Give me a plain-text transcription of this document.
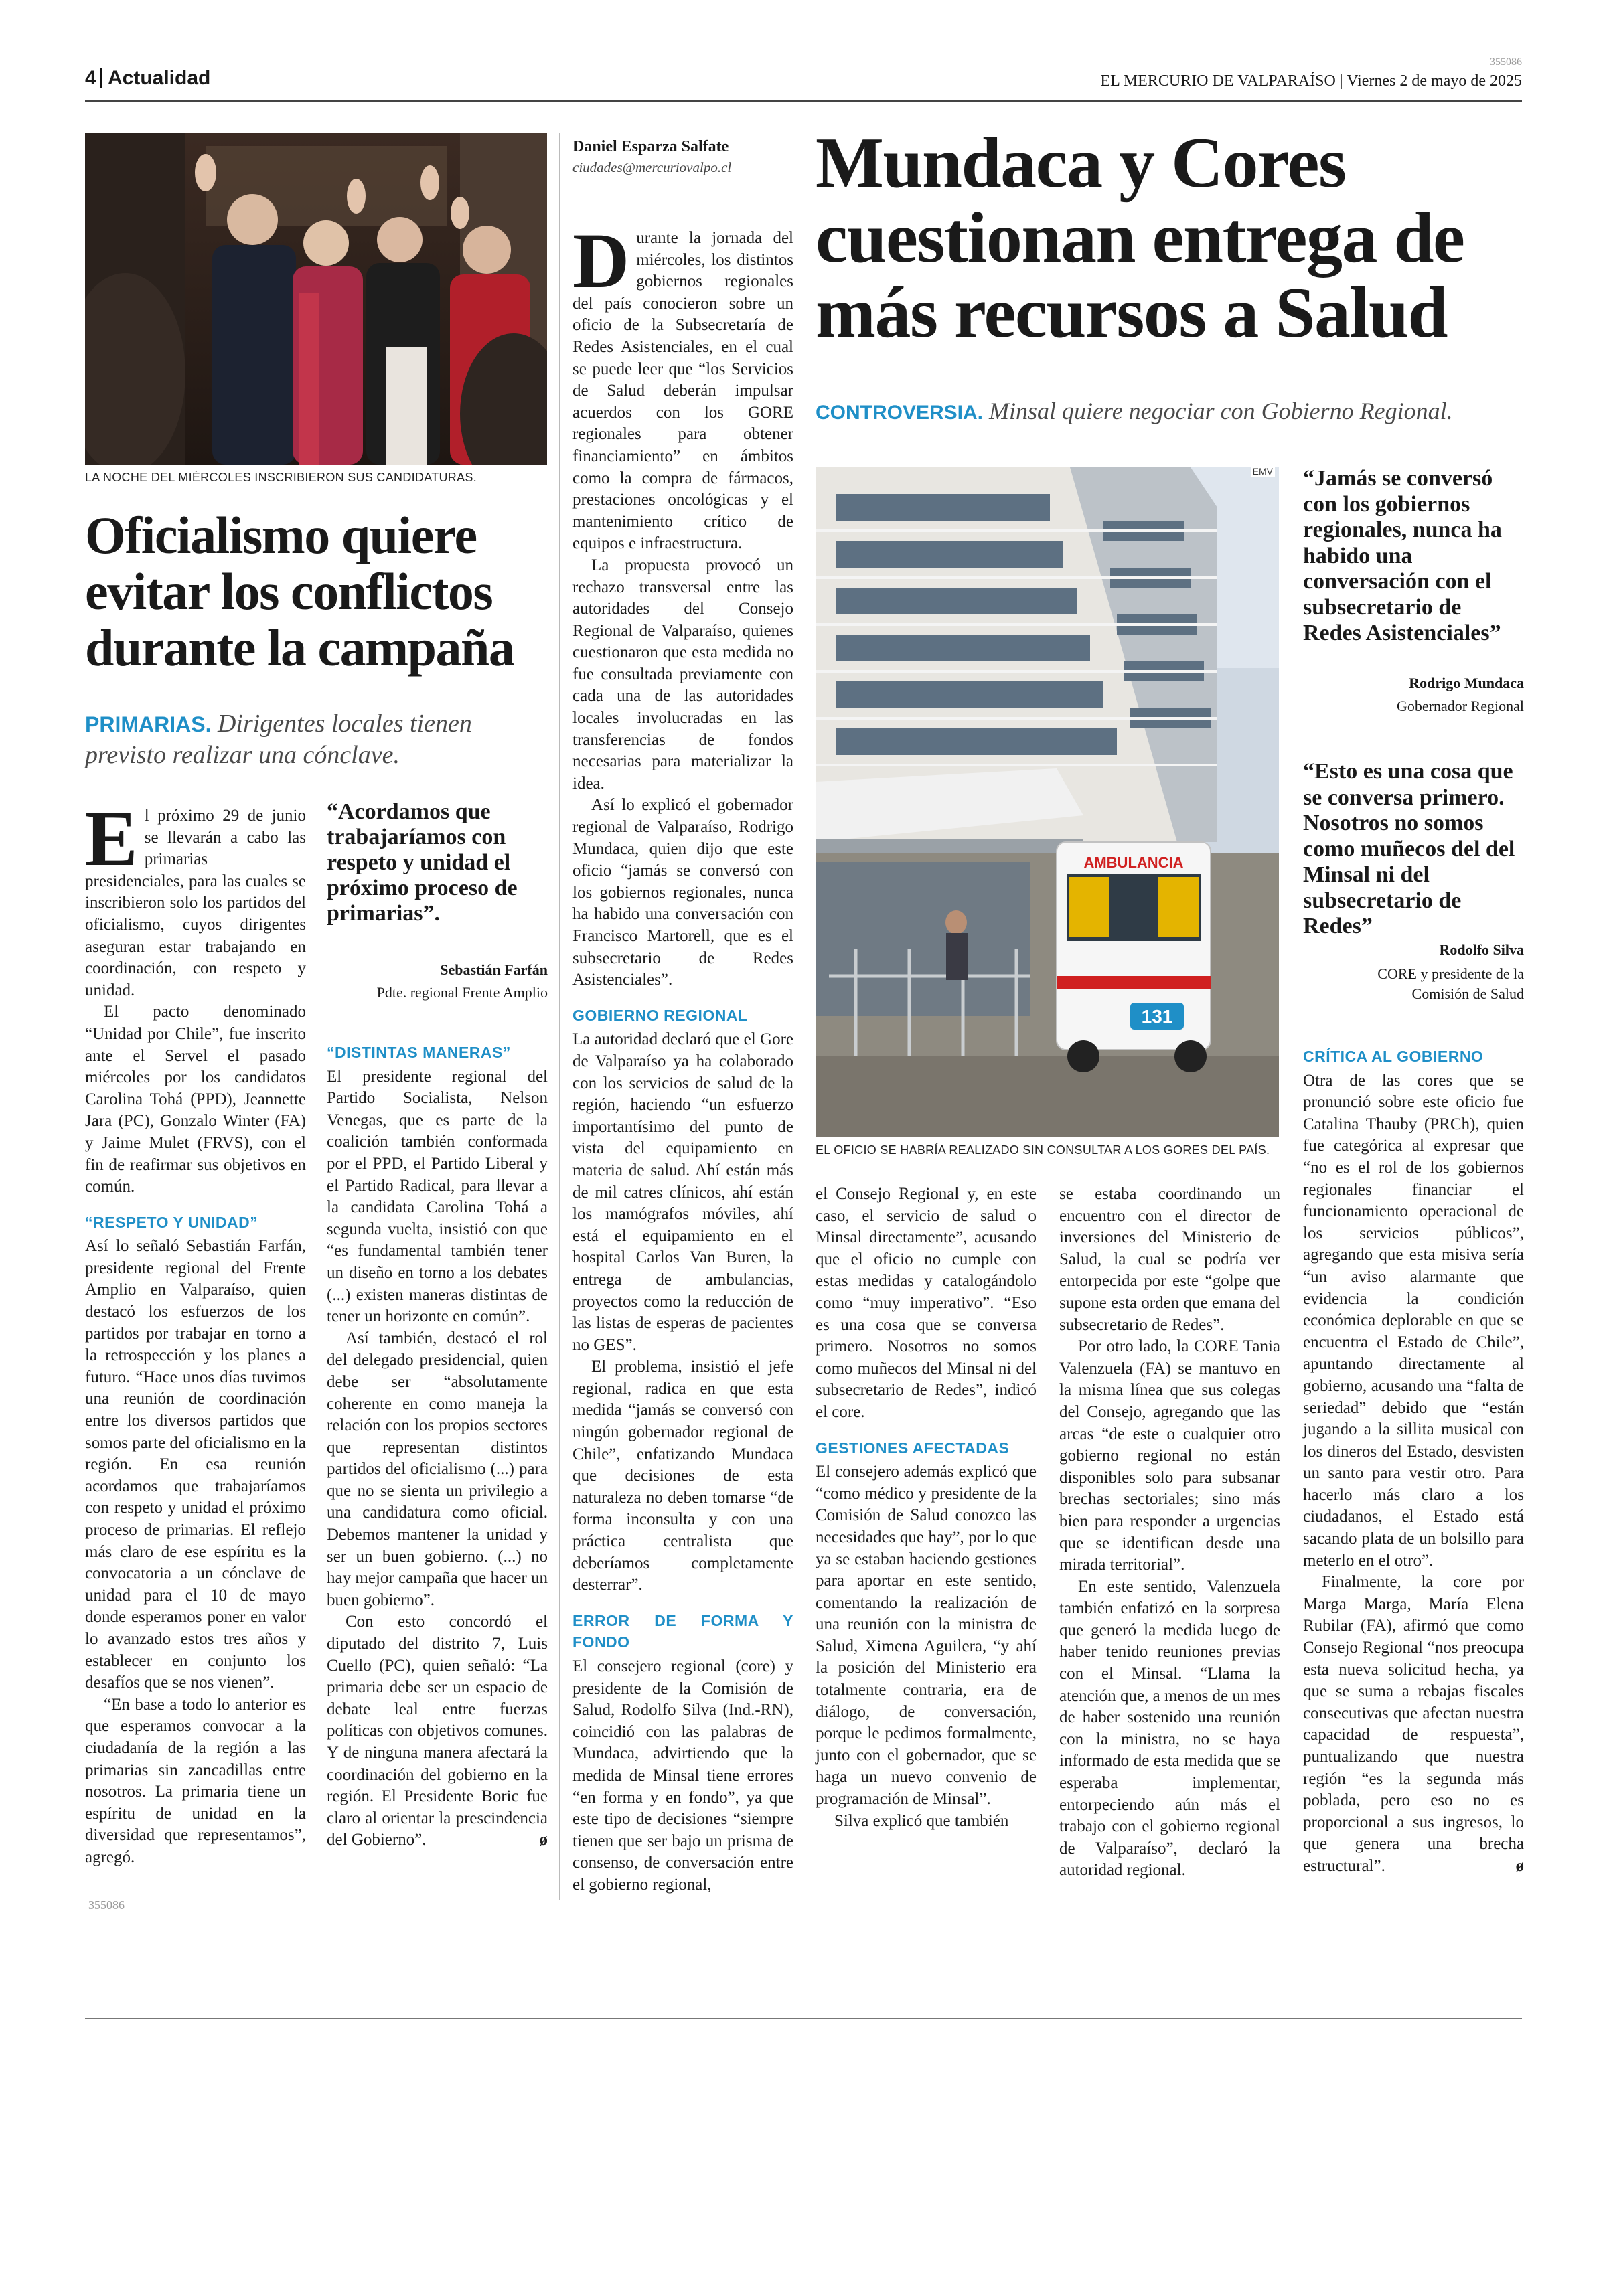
4 Actualidad
355086
EL MERCURIO DE VALPARAÍSO | Viernes 2 de mayo de 2025
LA NOCHE DEL MIÉRCOLES INSCRIBIERON SUS CANDIDATURAS.
Oficialismo quiere evitar los conflictos durante la campaña
PRIMARIAS. Dirigentes locales tienen previsto realizar una cónclave.

El próximo 29 de junio se llevarán a cabo las primarias presidenciales, para las cuales se inscribieron solo los partidos del oficialismo, cuyos dirigentes aseguran estar trabajando en coordinación, con respeto y unidad.

El pacto denominado “Unidad por Chile”, fue inscrito ante el Servel el pasado miércoles por los candidatos Carolina Tohá (PPD), Jeannette Jara (PC), Gonzalo Winter (FA) y Jaime Mulet (FRVS), con el fin de reafirmar sus objetivos en común.

“RESPETO Y UNIDAD”

Así lo señaló Sebastián Farfán, presidente regional del Frente Amplio en Valparaíso, quien destacó los esfuerzos de los partidos por trabajar en torno a la retrospección y los planes a futuro. “Hace unos días tuvimos una reunión de coordinación entre los diversos partidos que somos parte del oficialismo en la región. En esa reunión acordamos que trabajaríamos con respeto y unidad el próximo proceso de primarias. El reflejo más claro de ese espíritu es la convocatoria a un cónclave de unidad para el 10 de mayo donde esperamos poner en valor lo avanzado estos tres años y establecer en conjunto los desafíos que se nos vienen”.

“En base a todo lo anterior es que esperamos convocar a la ciudadanía de la región a las primarias sin zancadillas entre nosotros. La primaria tiene un espíritu de unidad en la diversidad que representamos”, agregó.

355086
“Acordamos que trabajaríamos con respeto y unidad el próximo proceso de primarias”.
Sebastián Farfán
Pdte. regional Frente Amplio
“DISTINTAS MANERAS”

El presidente regional del Partido Socialista, Nelson Venegas, que es parte de la coalición también conformada por el PPD, el Partido Liberal y el Partido Radical, para llevar a la candidata Carolina Tohá a segunda vuelta, insistió con que “es fundamental también tener un diseño en torno a los debates (...) existen maneras distintas de tener un horizonte en común”.

Así también, destacó el rol del delegado presidencial, quien debe ser “absolutamente coherente en como maneja la relación con los propios sectores que representan distintos partidos del oficialismo (...) para que no se sienta un privilegio a una candidatura como oficial. Debemos mantener la unidad y ser un buen gobierno. (...) no hay mejor campaña que hacer un buen gobierno”.

Con esto concordó el diputado del distrito 7, Luis Cuello (PC), quien señaló: “La primaria debe ser un espacio de debate leal entre fuerzas políticas con objetivos comunes. Y de ninguna manera afectará la coordinación del gobierno en la región. El Presidente Boric fue claro al orientar la prescindencia del Gobierno”.	ø

Daniel Esparza Salfate
ciudades@mercuriovalpo.cl Mundaca y Cores cuestionan entrega de más recursos a Salud
CONTROVERSIA. Minsal quiere negociar con Gobierno Regional.
AMBULANCIA
131
EMV
EL OFICIO SE HABRÍA REALIZADO SIN CONSULTAR A LOS GORES DEL PAÍS.
“Jamás se conversó con los gobiernos regionales, nunca ha habido una conversación con el subsecretario de Redes Asistenciales”
Rodrigo Mundaca
Gobernador Regional
“Esto es una cosa que se conversa primero. Nosotros no somos como muñecos del del Minsal ni del subsecretario de Redes”
Rodolfo Silva
CORE y presidente de la Comisión de Salud

Durante la jornada del miércoles, los distintos gobiernos regionales del país conocieron sobre un oficio de la Subsecretaría de Redes Asistenciales, en el cual se puede leer que “los Servicios de Salud deberán impulsar acuerdos con los GORE regionales para obtener financiamiento” en ámbitos como la compra de fármacos, prestaciones oncológicas y el mantenimiento crítico de equipos e infraestructura.

La propuesta provocó un rechazo transversal entre las autoridades del Consejo Regional de Valparaíso, quienes cuestionaron que esta medida no fue consultada previamente con cada una de las autoridades locales involucradas en las transferencias de fondos necesarias para materializar la idea.

Así lo explicó el gobernador regional de Valparaíso, Rodrigo Mundaca, quien dijo que este oficio “jamás se conversó con los gobiernos regionales, nunca ha habido una conversación con Francisco Martorell, que es el subsecretario de Redes Asistenciales”.

GOBIERNO REGIONAL

La autoridad declaró que el Gore de Valparaíso ya ha colaborado con los servicios de salud de la región, haciendo “un esfuerzo importantísimo del punto de vista del equipamiento en materia de salud. Ahí están más de mil catres clínicos, ahí están los mamógrafos móviles, ahí está el equipamiento en el hospital Carlos Van Buren, la entrega de ambulancias, proyectos como la reducción de las listas de esperas de pacientes no GES”.

El problema, insistió el jefe regional, radica en que esta medida “jamás se conversó con ningún gobernador regional de Chile”, enfatizando Mundaca que decisiones de esta naturaleza no deben tomarse “de forma inconsulta y con una práctica centralista que deberíamos completamente desterrar”.

ERROR DE FORMA Y FONDO

El consejero regional (core) y presidente de la Comisión de Salud, Rodolfo Silva (Ind.-RN), coincidió con las palabras de Mundaca, advirtiendo que la medida de Minsal tiene errores “en forma y en fondo”, ya que este tipo de decisiones “siempre tienen que ser bajo un prisma de consenso, de conversación entre el gobierno regional,

el Consejo Regional y, en este caso, el servicio de salud o Minsal directamente”, acusando que el oficio no cumple con estas medidas y catalogándolo como “muy imperativo”. “Eso es una cosa que se conversa primero. Nosotros no somos como muñecos del Minsal ni del subsecretario de Redes”, indicó el core.

GESTIONES AFECTADAS

El consejero además explicó que “como médico y presidente de la Comisión de Salud conozco las necesidades que hay”, por lo que ya se estaban haciendo gestiones para aportar en este sentido, comentando la realización de una reunión con la ministra de Salud, Ximena Aguilera, “y ahí la posición del Ministerio era totalmente contraria, era de diálogo, de conversación, porque le pedimos formalmente, junto con el gobernador, que se haga un nuevo convenio de programación de Minsal”.

Silva explicó que también

se estaba coordinando un encuentro con el director de inversiones del Ministerio de Salud, la cual se podría ver entorpecida por este “golpe que supone esta orden que emana del subsecretario de Redes”.

Por otro lado, la CORE Tania Valenzuela (FA) se mantuvo en la misma línea que sus colegas del Consejo, agregando que las arcas “de este o cualquier otro gobierno regional no están disponibles solo para subsanar brechas sectoriales; sino más bien para responder a urgencias que se identifican desde una mirada territorial”.

En este sentido, Valenzuela también enfatizó en la sorpresa que generó la medida luego de haber tenido reuniones previas con el Minsal. “Llama la atención que, a menos de un mes de haber sostenido una reunión con la ministra, no se haya informado de esta medida que se esperaba implementar, entorpeciendo aún más el trabajo con el gobierno regional de Valparaíso”, declaró la autoridad regional.

CRÍTICA AL GOBIERNO

Otra de las cores que se pronunció sobre este oficio fue Catalina Thauby (PRCh), quien fue categórica al expresar que “no es el rol de los gobiernos regionales financiar el funcionamiento operacional de los servicios públicos”, agregando que esta misiva sería “un aviso alarmante que evidencia la condición económica deplorable en que se encuentra el Estado de Chile”, apuntando directamente al gobierno, acusando una “falta de seriedad” debido que “están jugando a la sillita musical con los dineros del Estado, desvisten un santo para vestir otro. Para hacerlo más claro a los ciudadanos, el Estado está sacando plata de un bolsillo para meterlo en el otro”.

Finalmente, la core por Marga Marga, María Elena Rubilar (FA), afirmó que como Consejo Regional “nos preocupa esta nueva solicitud hecha, ya que se suma a rebajas fiscales consecutivas que afectan nuestra capacidad de respuesta”, puntualizando que nuestra región “es la segunda más poblada, pero eso no es proporcional a sus ingresos, lo que genera una brecha estructural”.	ø
